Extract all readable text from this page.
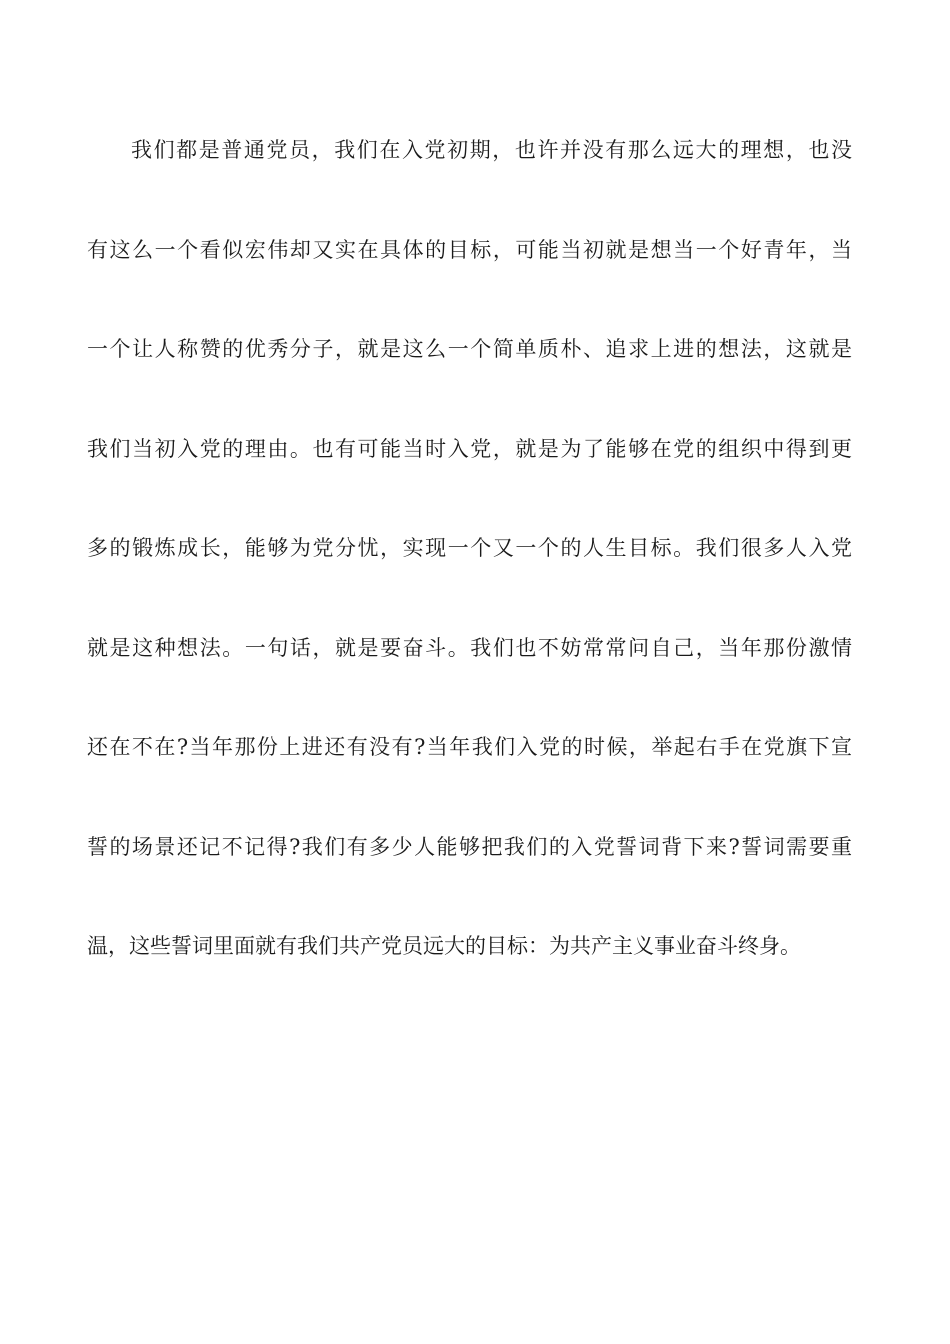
我们都是普通党员，我们在入党初期，也许并没有那么远大的理想，也没
有这么一个看似宏伟却又实在具体的目标，可能当初就是想当一个好青年，当
一个让人称赞的优秀分子，就是这么一个简单质朴、追求上进的想法，这就是
我们当初入党的理由。也有可能当时入党，就是为了能够在党的组织中得到更
多的锻炼成长，能够为党分忧，实现一个又一个的人生目标。我们很多人入党
就是这种想法。一句话，就是要奋斗。我们也不妨常常问自己，当年那份激情
还在不在?当年那份上进还有没有?当年我们入党的时候，举起右手在党旗下宣
誓的场景还记不记得?我们有多少人能够把我们的入党誓词背下来?誓词需要重
温，这些誓词里面就有我们共产党员远大的目标：为共产主义事业奋斗终身。
